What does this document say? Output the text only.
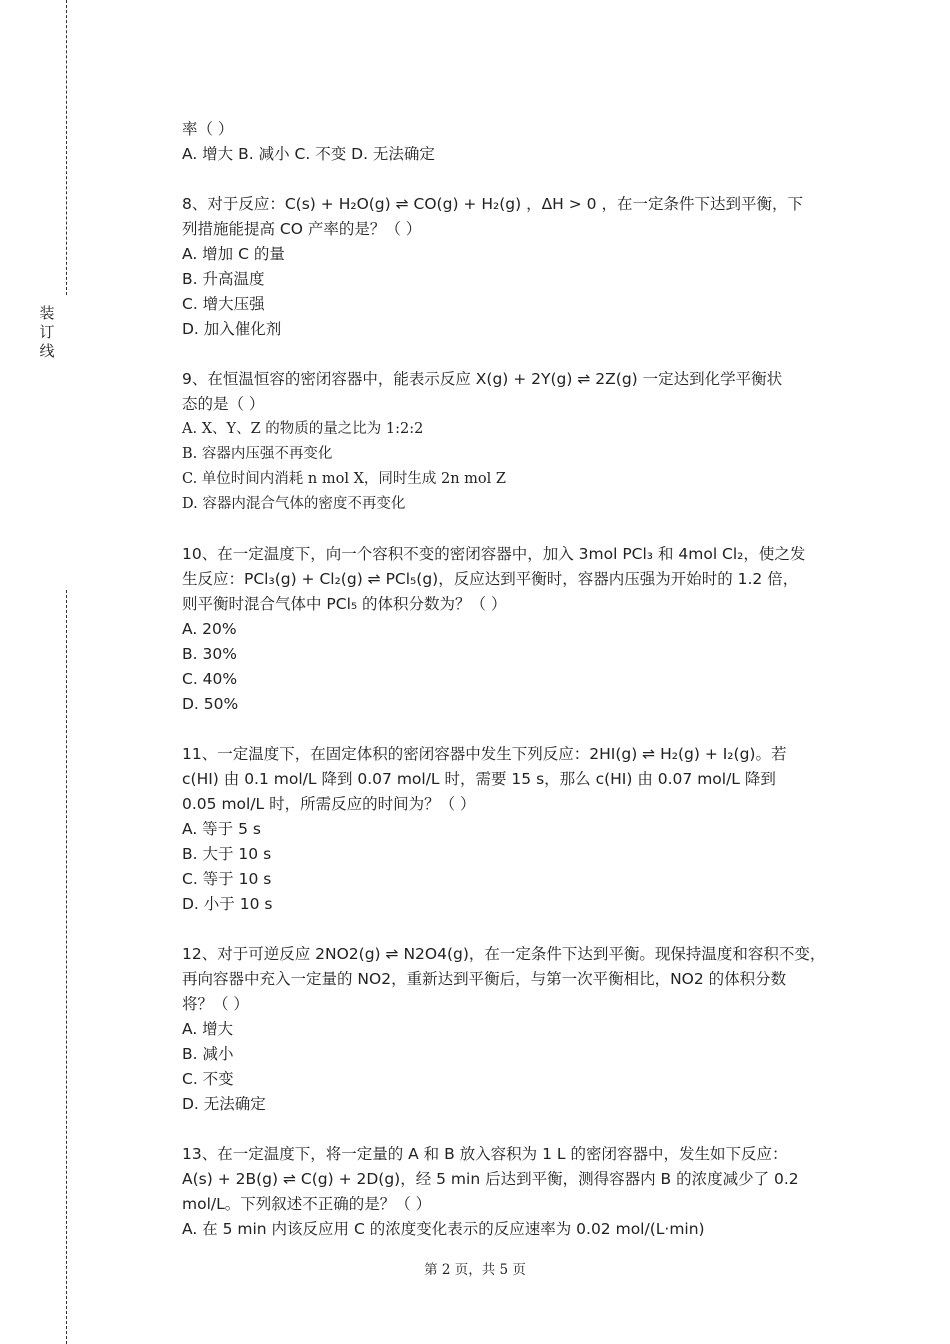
装
订
线
率（ ）
A. 增大 B. 减小 C. 不变 D. 无法确定
8、对于反应：C(s) + H₂O(g) ⇌ CO(g) + H₂(g) ，ΔH > 0 ，在一定条件下达到平衡，下
列措施能提高 CO 产率的是？（ ）
A. 增加 C 的量
B. 升高温度
C. 增大压强
D. 加入催化剂
9、在恒温恒容的密闭容器中，能表示反应 X(g) + 2Y(g) ⇌ 2Z(g) 一定达到化学平衡状
态的是（ ）
A. X、Y、Z 的物质的量之比为 1:2:2
B. 容器内压强不再变化
C. 单位时间内消耗 n mol X，同时生成 2n mol Z
D. 容器内混合气体的密度不再变化
10、在一定温度下，向一个容积不变的密闭容器中，加入 3mol PCl₃ 和 4mol Cl₂，使之发
生反应：PCl₃(g) + Cl₂(g) ⇌ PCl₅(g)，反应达到平衡时，容器内压强为开始时的 1.2 倍，
则平衡时混合气体中 PCl₅ 的体积分数为？（ ）
A. 20%
B. 30%
C. 40%
D. 50%
11、一定温度下，在固定体积的密闭容器中发生下列反应：2HI(g) ⇌ H₂(g) + I₂(g)。若
c(HI) 由 0.1 mol/L 降到 0.07 mol/L 时，需要 15 s，那么 c(HI) 由 0.07 mol/L 降到
0.05 mol/L 时，所需反应的时间为？（ ）
A. 等于 5 s
B. 大于 10 s
C. 等于 10 s
D. 小于 10 s
12、对于可逆反应 2NO2(g) ⇌ N2O4(g)，在一定条件下达到平衡。现保持温度和容积不变，
再向容器中充入一定量的 NO2，重新达到平衡后，与第一次平衡相比，NO2 的体积分数
将？（ ）
A. 增大
B. 减小
C. 不变
D. 无法确定
13、在一定温度下，将一定量的 A 和 B 放入容积为 1 L 的密闭容器中，发生如下反应：
A(s) + 2B(g) ⇌ C(g) + 2D(g)，经 5 min 后达到平衡，测得容器内 B 的浓度减少了 0.2
mol/L。下列叙述不正确的是？（ ）
A. 在 5 min 内该反应用 C 的浓度变化表示的反应速率为 0.02 mol/(L·min)
第 2 页，共 5 页
